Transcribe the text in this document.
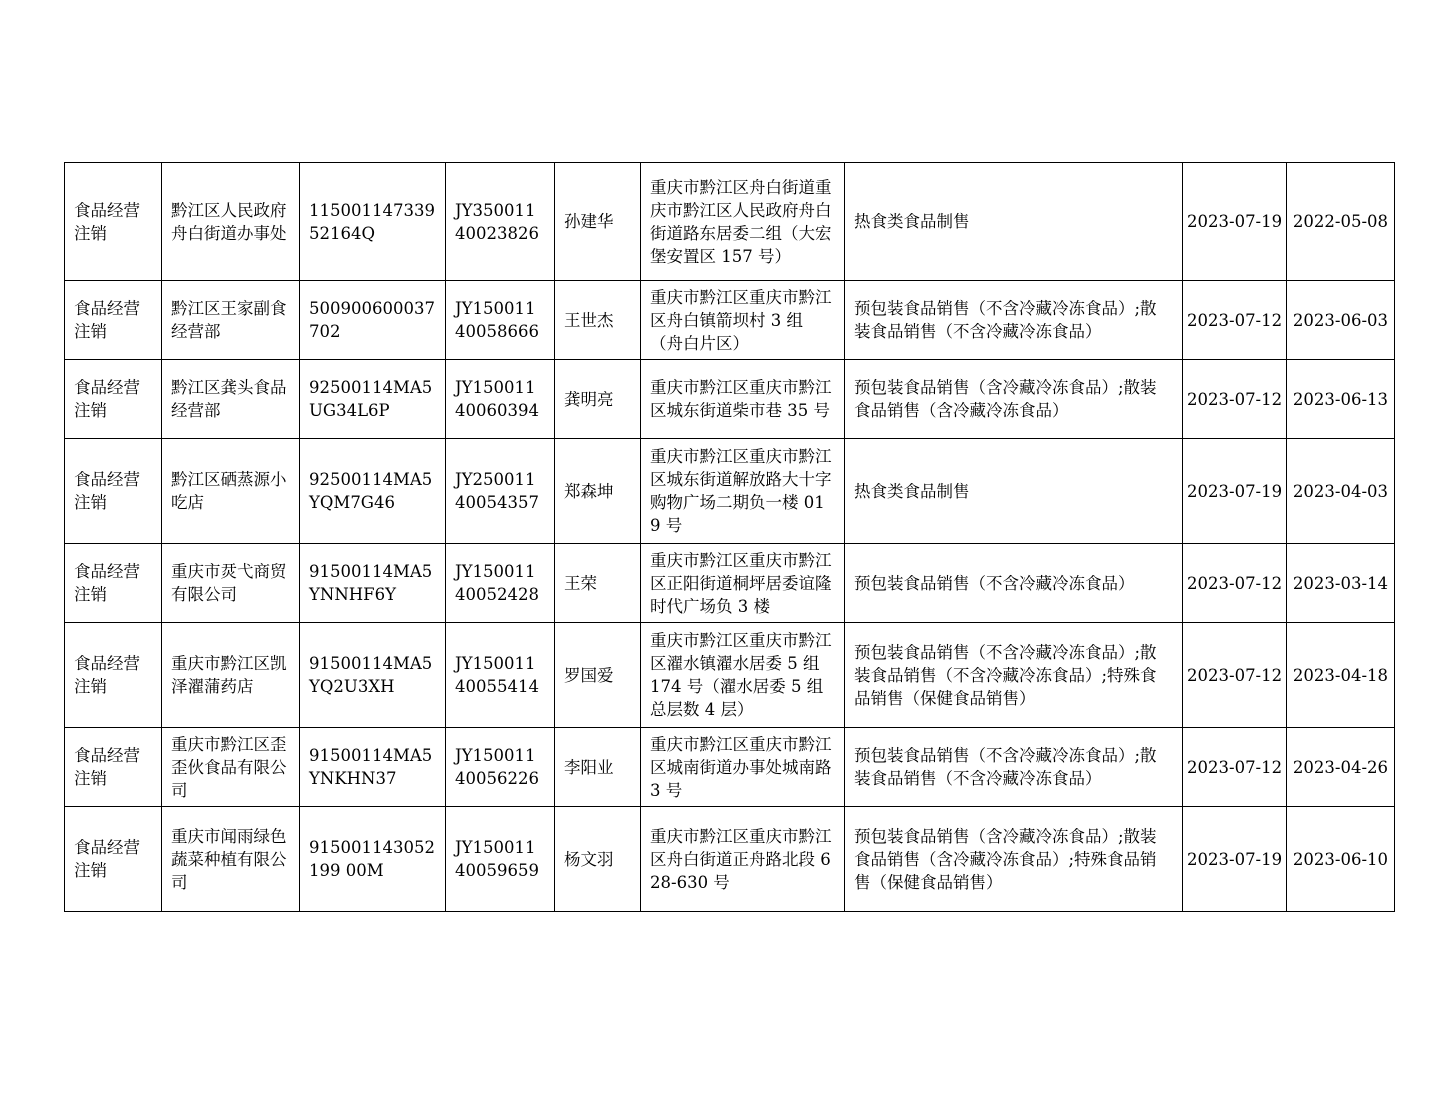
食品经营注销	黔江区人民政府舟白街道办事处	11500114733952164Q	JY35001140023826	孙建华	重庆市黔江区舟白街道重庆市黔江区人民政府舟白街道路东居委二组（大宏堡安置区 157 号）	热食类食品制售	2023-07-19	2022-05-08
食品经营注销	黔江区王家副食经营部	500900600037702	JY15001140058666	王世杰	重庆市黔江区重庆市黔江区舟白镇箭坝村 3 组（舟白片区）	预包装食品销售（不含冷藏冷冻食品）;散装食品销售（不含冷藏冷冻食品）	2023-07-12	2023-06-03
食品经营注销	黔江区龚头食品经营部	92500114MA5UG34L6P	JY15001140060394	龚明亮	重庆市黔江区重庆市黔江区城东街道柴市巷 35 号	预包装食品销售（含冷藏冷冻食品）;散装食品销售（含冷藏冷冻食品）	2023-07-12	2023-06-13
食品经营注销	黔江区硒蒸源小吃店	92500114MA5YQM7G46	JY25001140054357	郑森坤	重庆市黔江区重庆市黔江区城东街道解放路大十字购物广场二期负一楼 019 号	热食类食品制售	2023-07-19	2023-04-03
食品经营注销	重庆市烎弋商贸有限公司	91500114MA5YNNHF6Y	JY15001140052428	王荣	重庆市黔江区重庆市黔江区正阳街道桐坪居委谊隆时代广场负 3 楼	预包装食品销售（不含冷藏冷冻食品）	2023-07-12	2023-03-14
食品经营注销	重庆市黔江区凯泽濯蒲药店	91500114MA5YQ2U3XH	JY15001140055414	罗国爱	重庆市黔江区重庆市黔江区濯水镇濯水居委 5 组 174 号（濯水居委 5 组总层数 4 层）	预包装食品销售（不含冷藏冷冻食品）;散装食品销售（不含冷藏冷冻食品）;特殊食品销售（保健食品销售）	2023-07-12	2023-04-18
食品经营注销	重庆市黔江区歪歪伙食品有限公司	91500114MA5YNKHN37	JY15001140056226	李阳业	重庆市黔江区重庆市黔江区城南街道办事处城南路 3 号	预包装食品销售（不含冷藏冷冻食品）;散装食品销售（不含冷藏冷冻食品）	2023-07-12	2023-04-26
食品经营注销	重庆市闻雨绿色蔬菜种植有限公司	915001143052199 00M	JY15001140059659	杨文羽	重庆市黔江区重庆市黔江区舟白街道正舟路北段 628-630 号	预包装食品销售（含冷藏冷冻食品）;散装食品销售（含冷藏冷冻食品）;特殊食品销售（保健食品销售）	2023-07-19	2023-06-10
